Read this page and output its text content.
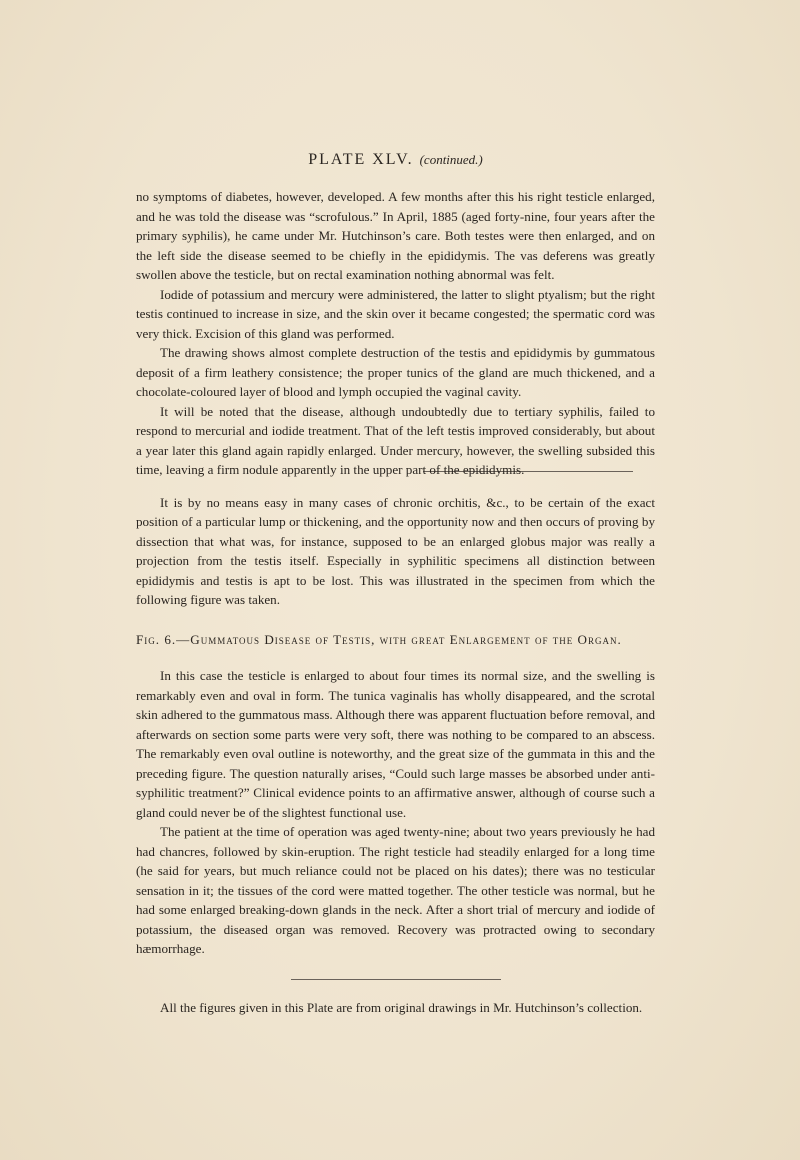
PLATE XLV. (continued.)

no symptoms of diabetes, however, developed. A few months after this his right testicle enlarged, and he was told the disease was “scrofulous.” In April, 1885 (aged forty-nine, four years after the primary syphilis), he came under Mr. Hutchinson’s care. Both testes were then enlarged, and on the left side the disease seemed to be chiefly in the epididymis. The vas deferens was greatly swollen above the testicle, but on rectal examination nothing abnormal was felt.

Iodide of potassium and mercury were administered, the latter to slight ptyalism; but the right testis continued to increase in size, and the skin over it became congested; the spermatic cord was very thick. Excision of this gland was performed.

The drawing shows almost complete destruction of the testis and epididymis by gummatous deposit of a firm leathery consistence; the proper tunics of the gland are much thickened, and a chocolate-coloured layer of blood and lymph occupied the vaginal cavity.

It will be noted that the disease, although undoubtedly due to tertiary syphilis, failed to respond to mercurial and iodide treatment. That of the left testis improved considerably, but about a year later this gland again rapidly enlarged. Under mercury, however, the swelling subsided this time, leaving a firm nodule apparently in the upper part of the epididymis.

It is by no means easy in many cases of chronic orchitis, &c., to be certain of the exact position of a particular lump or thickening, and the opportunity now and then occurs of proving by dissection that what was, for instance, supposed to be an enlarged globus major was really a projection from the testis itself. Especially in syphilitic specimens all distinction between epididymis and testis is apt to be lost. This was illustrated in the specimen from which the following figure was taken.

Fig. 6.—Gummatous Disease of Testis, with great Enlargement of the Organ.

In this case the testicle is enlarged to about four times its normal size, and the swelling is remarkably even and oval in form. The tunica vaginalis has wholly disappeared, and the scrotal skin adhered to the gummatous mass. Although there was apparent fluctuation before removal, and afterwards on section some parts were very soft, there was nothing to be compared to an abscess. The remarkably even oval outline is noteworthy, and the great size of the gummata in this and the preceding figure. The question naturally arises, “Could such large masses be absorbed under anti-syphilitic treatment?” Clinical evidence points to an affirmative answer, although of course such a gland could never be of the slightest functional use.

The patient at the time of operation was aged twenty-nine; about two years previously he had had chancres, followed by skin-eruption. The right testicle had steadily enlarged for a long time (he said for years, but much reliance could not be placed on his dates); there was no testicular sensation in it; the tissues of the cord were matted together. The other testicle was normal, but he had some enlarged breaking-down glands in the neck. After a short trial of mercury and iodide of potassium, the diseased organ was removed. Recovery was protracted owing to secondary hæmorrhage.

All the figures given in this Plate are from original drawings in Mr. Hutchinson’s collection.
